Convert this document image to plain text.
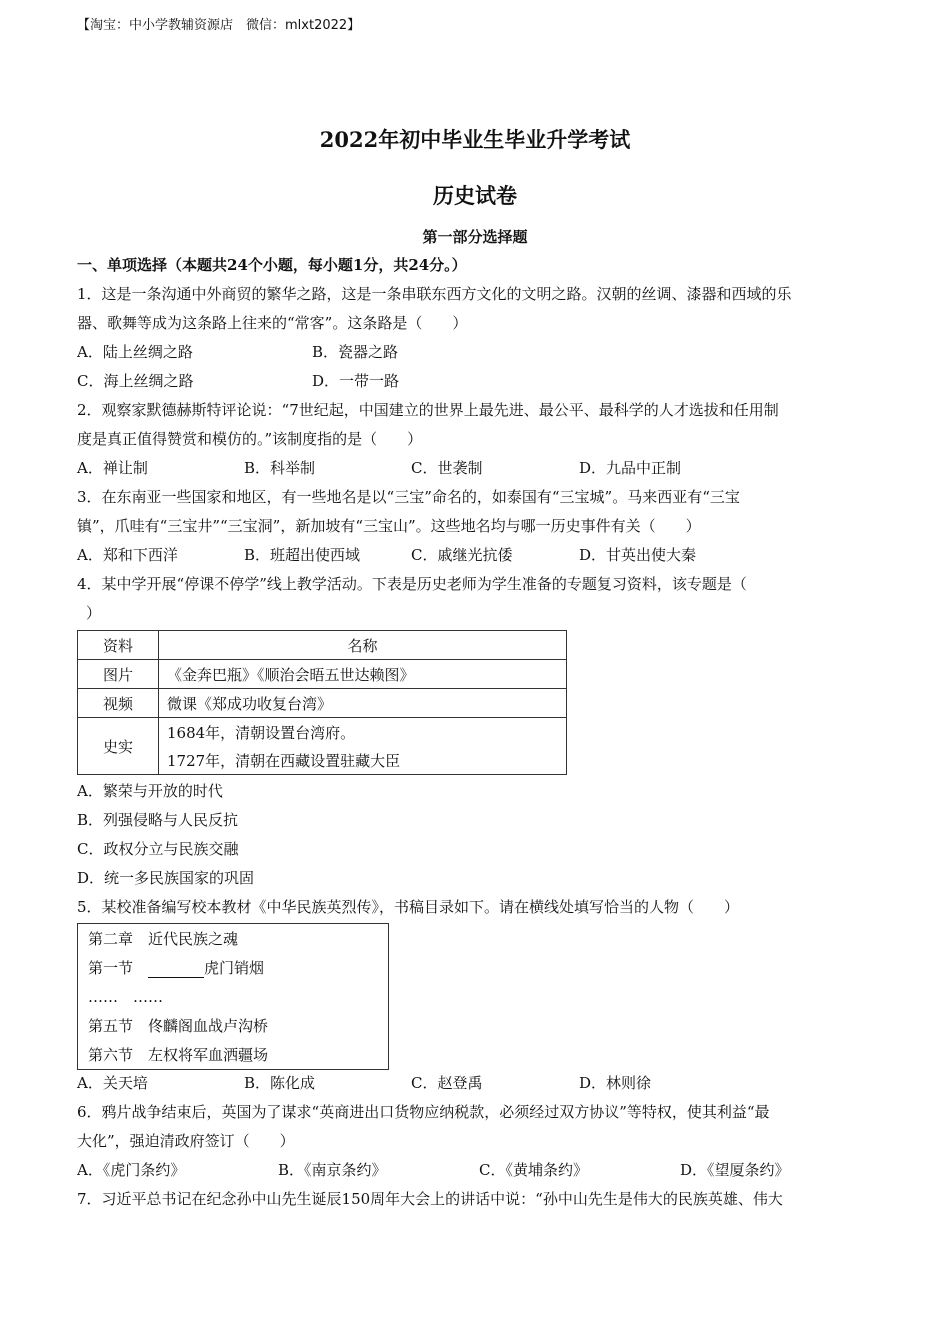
【淘宝：中小学教辅资源店　微信：mlxt2022】
2022年初中毕业生毕业升学考试
历史试卷
第一部分选择题
一、单项选择（本题共24个小题，每小题1分，共24分。）
1．这是一条沟通中外商贸的繁华之路，这是一条串联东西方文化的文明之路。汉朝的丝调、漆器和西域的乐
器、歌舞等成为这条路上往来的“常客”。这条路是（　　）
A．陆上丝绸之路	B．瓷器之路
C．海上丝绸之路	D．一带一路
2．观察家默德赫斯特评论说：“7世纪起，中国建立的世界上最先进、最公平、最科学的人才选拔和任用制
度是真正值得赞赏和模仿的。”该制度指的是（　　）
A．禅让制	B．科举制	C．世袭制	D．九品中正制
3．在东南亚一些国家和地区，有一些地名是以“三宝”命名的，如泰国有“三宝城”。马来西亚有“三宝
镇”，爪哇有“三宝井”“三宝洞”，新加坡有“三宝山”。这些地名均与哪一历史事件有关（　　）
A．郑和下西洋	B．班超出使西域	C．戚继光抗倭	D．甘英出使大秦
4．某中学开展“停课不停学”线上教学活动。下表是历史老师为学生准备的专题复习资料，该专题是（
）
资料	名称
图片	《金奔巴瓶》《顺治会晤五世达赖图》
视频	微课《郑成功收复台湾》
史实	1684年，清朝设置台湾府。
	1727年，清朝在西藏设置驻藏大臣
A．繁荣与开放的时代
B．列强侵略与人民反抗
C．政权分立与民族交融
D．统一多民族国家的巩固
5．某校准备编写校本教材《中华民族英烈传》，书稿目录如下。请在横线处填写恰当的人物（　　）
第二章　近代民族之魂
第一节　	虎门销烟
……　……
第五节　佟麟阁血战卢沟桥
第六节　左权将军血洒疆场
A．关天培	B．陈化成	C．赵登禹	D．林则徐
6．鸦片战争结束后，英国为了谋求“英商进出口货物应纳税款，必须经过双方协议”等特权，使其利益“最
大化”，强迫清政府签订（　　）
A．《虎门条约》	B．《南京条约》	C．《黄埔条约》	D．《望厦条约》
7．习近平总书记在纪念孙中山先生诞辰150周年大会上的讲话中说：“孙中山先生是伟大的民族英雄、伟大
